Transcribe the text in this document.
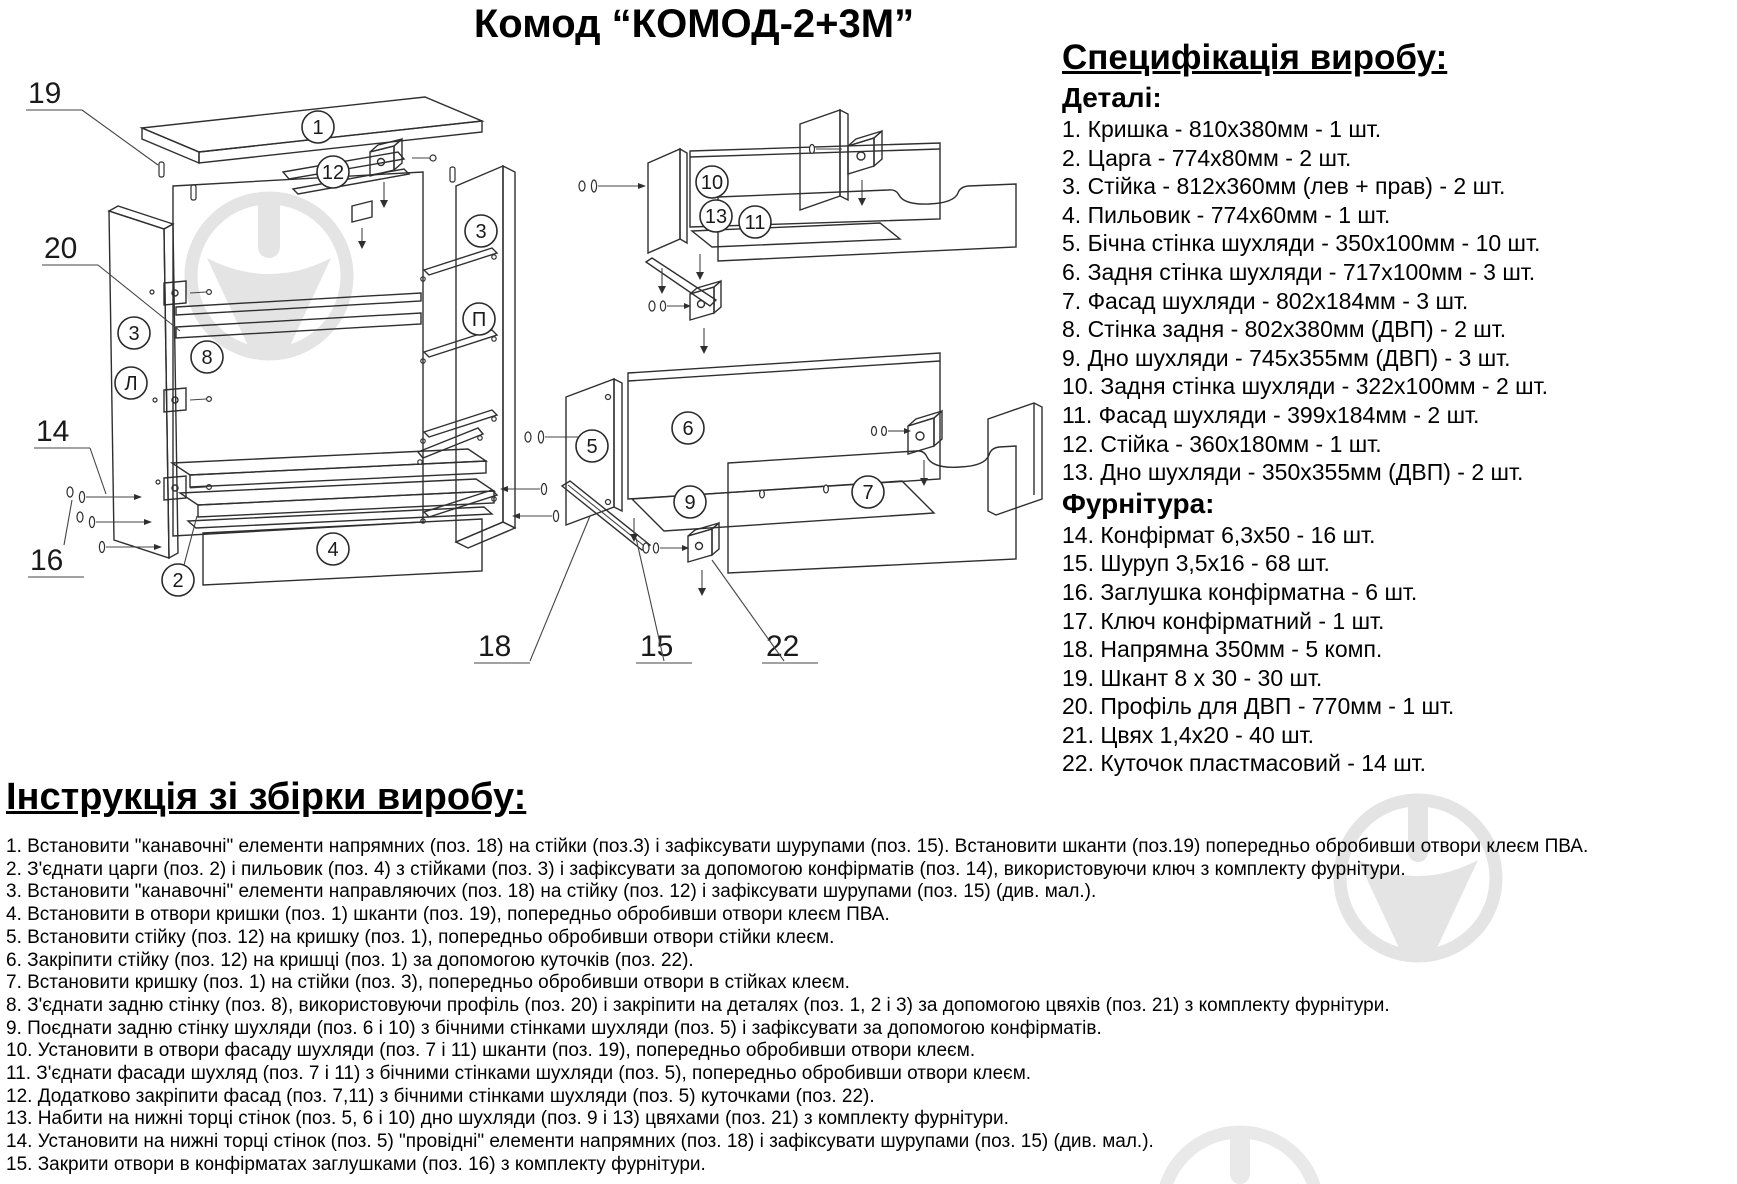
Комод “КОМОД-2+3М”
1
12
3
П
3
Л
8
4
2
10
13 11
5
6
9	7
19
20
14
16
18	15	22
Специфікація виробу:
Деталі:
1. Кришка - 810х380мм - 1 шт.
2. Царга - 774х80мм - 2 шт.
3. Стійка - 812х360мм (лев + прав) - 2 шт.
4. Пильовик - 774х60мм - 1 шт.
5. Бічна стінка шухляди - 350х100мм - 10 шт.
6. Задня стінка шухляди - 717х100мм - 3 шт.
7. Фасад шухляди - 802х184мм - 3 шт.
8. Стінка задня - 802х380мм (ДВП) - 2 шт.
9. Дно шухляди - 745х355мм (ДВП) - 3 шт.
10. Задня стінка шухляди - 322х100мм - 2 шт.
11. Фасад шухляди - 399х184мм - 2 шт.
12. Стійка - 360х180мм - 1 шт.
13. Дно шухляди - 350х355мм (ДВП) - 2 шт.
Фурнітура:
14. Конфірмат 6,3х50 - 16 шт.
15. Шуруп 3,5х16 - 68 шт.
16. Заглушка конфірматна - 6 шт.
17. Ключ конфірматний - 1 шт.
18. Напрямна 350мм - 5 комп.
19. Шкант 8 х 30 - 30 шт.
20. Профіль для ДВП - 770мм - 1 шт.
21. Цвях 1,4х20 - 40 шт.
22. Куточок пластмасовий - 14 шт.
Інструкція зі збірки виробу:
1. Встановити "канавочні" елементи напрямних (поз. 18) на стійки (поз.3) і зафіксувати шурупами (поз. 15). Встановити шканти (поз.19) попередньо обробивши отвори клеєм ПВА.
2. З'єднати царги (поз. 2) і пильовик (поз. 4) з стійками (поз. 3) і зафіксувати за допомогою конфірматів (поз. 14), використовуючи ключ з комплекту фурнітури.
3. Встановити "канавочні" елементи направляючих (поз. 18) на стійку (поз. 12) і зафіксувати шурупами (поз. 15) (див. мал.).
4. Встановити в отвори кришки (поз. 1) шканти (поз. 19), попередньо обробивши отвори клеєм ПВА.
5. Встановити стійку (поз. 12) на кришку (поз. 1), попередньо обробивши отвори стійки клеєм.
6. Закріпити стійку (поз. 12) на кришці (поз. 1) за допомогою куточків (поз. 22).
7. Встановити кришку (поз. 1) на стійки (поз. 3), попередньо обробивши отвори в стійках клеєм.
8. З'єднати задню стінку (поз. 8), використовуючи профіль (поз. 20) і закріпити на деталях (поз. 1, 2 і 3) за допомогою цвяхів (поз. 21) з комплекту фурнітури.
9. Поєднати задню стінку шухляди (поз. 6 і 10) з бічними стінками шухляди (поз. 5) і зафіксувати за допомогою конфірматів.
10. Установити в отвори фасаду шухляди (поз. 7 і 11) шканти (поз. 19), попередньо обробивши отвори клеєм.
11. З'єднати фасади шухляд (поз. 7 і 11) з бічними стінками шухляди (поз. 5), попередньо обробивши отвори клеєм.
12. Додатково закріпити фасад (поз. 7,11) з бічними стінками шухляди (поз. 5) куточками (поз. 22).
13. Набити на нижні торці стінок (поз. 5, 6 і 10) дно шухляди (поз. 9 і 13) цвяхами (поз. 21) з комплекту фурнітури.
14. Установити на нижні торці стінок (поз. 5) "провідні" елементи напрямних (поз. 18) і зафіксувати шурупами (поз. 15) (див. мал.).
15. Закрити отвори в конфірматах заглушками (поз. 16) з комплекту фурнітури.
